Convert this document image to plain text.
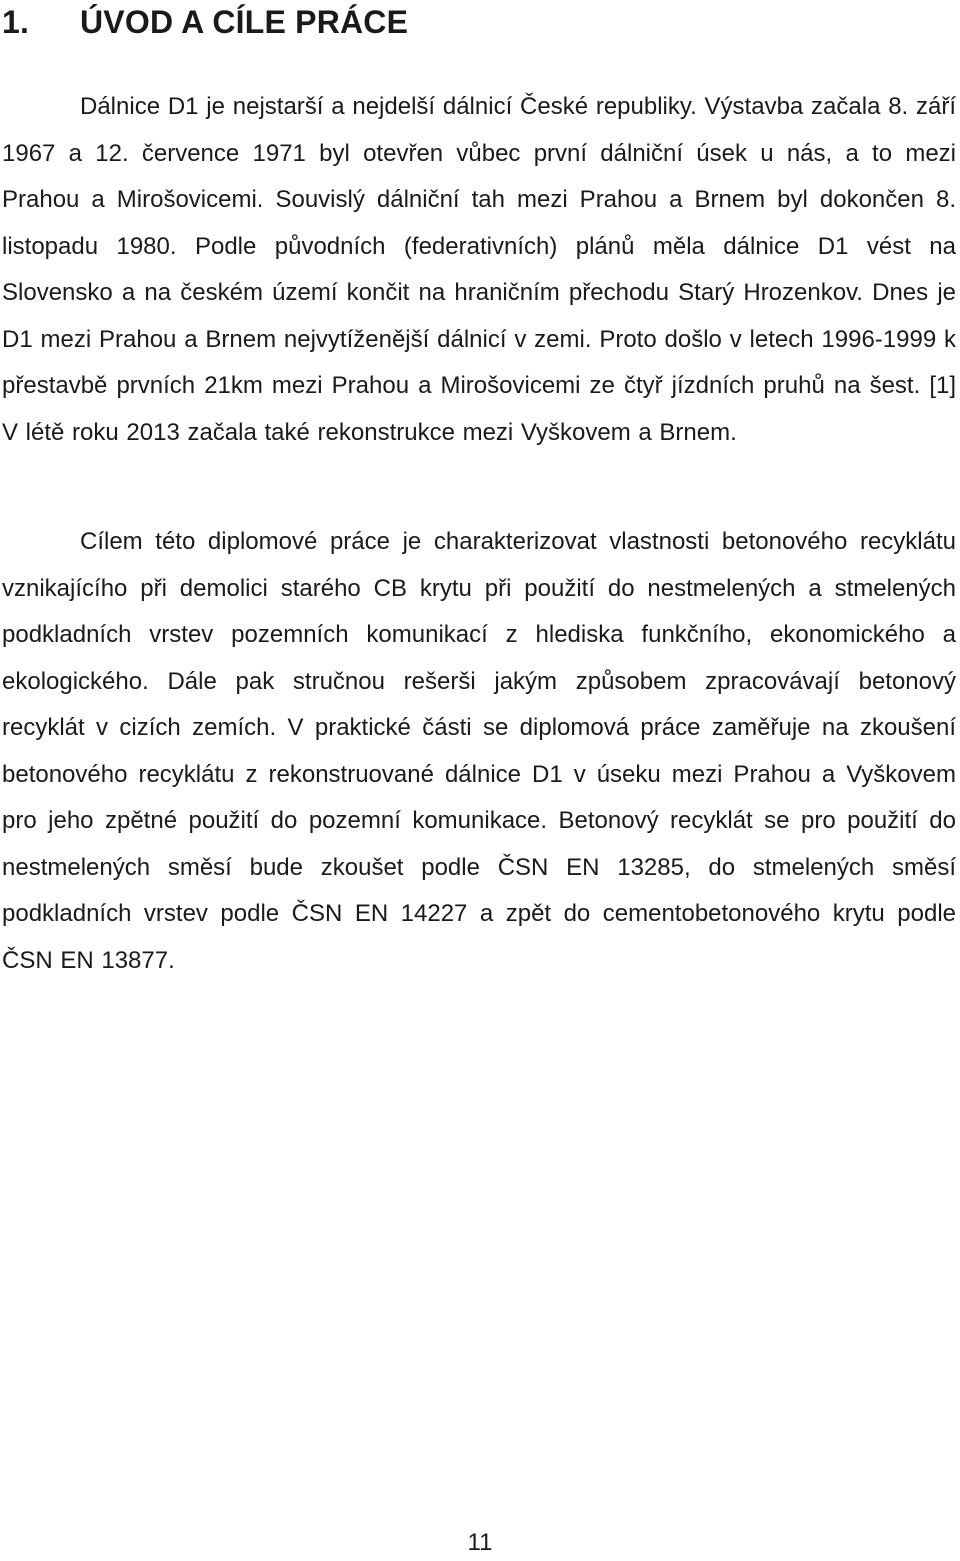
1. ÚVOD A CÍLE PRÁCE

Dálnice D1 je nejstarší a nejdelší dálnicí České republiky. Výstavba začala 8. září 1967 a 12. července 1971 byl otevřen vůbec první dálniční úsek u nás, a to mezi Prahou a Mirošovicemi. Souvislý dálniční tah mezi Prahou a Brnem byl dokončen 8. listopadu 1980. Podle původních (federativních) plánů měla dálnice D1 vést na Slovensko a na českém území končit na hraničním přechodu Starý Hrozenkov. Dnes je D1 mezi Prahou a Brnem nejvytíženější dálnicí v zemi. Proto došlo v letech 1996-1999 k přestavbě prvních 21km mezi Prahou a Mirošovicemi ze čtyř jízdních pruhů na šest. [1] V létě roku 2013 začala také rekonstrukce mezi Vyškovem a Brnem.

Cílem této diplomové práce je charakterizovat vlastnosti betonového recyklátu vznikajícího při demolici starého CB krytu při použití do nestmelených a stmelených podkladních vrstev pozemních komunikací z hlediska funkčního, ekonomického a ekologického. Dále pak stručnou rešerši jakým způsobem zpracovávají betonový recyklát v cizích zemích. V praktické části se diplomová práce zaměřuje na zkoušení betonového recyklátu z rekonstruované dálnice D1 v úseku mezi Prahou a Vyškovem pro jeho zpětné použití do pozemní komunikace. Betonový recyklát se pro použití do nestmelených směsí bude zkoušet podle ČSN EN 13285, do stmelených směsí podkladních vrstev podle ČSN EN 14227 a zpět do cementobetonového krytu podle ČSN EN 13877.

11
